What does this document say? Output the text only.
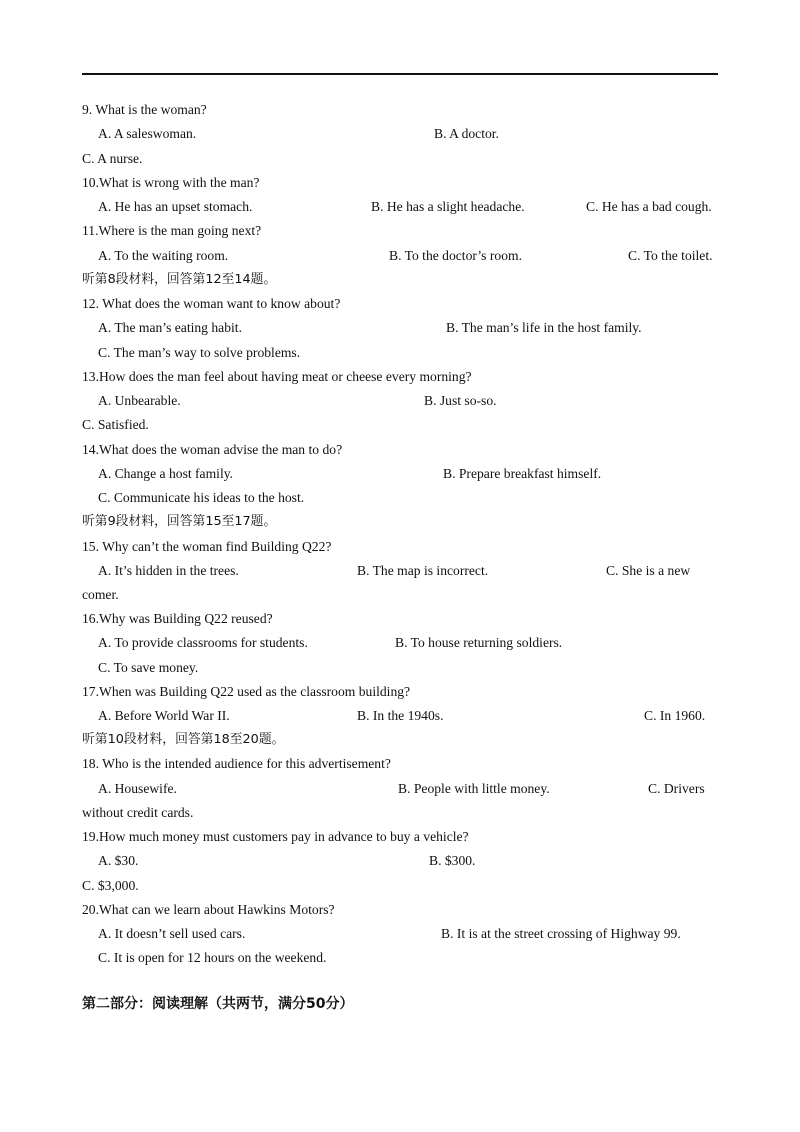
9. What is the woman?
A. A saleswoman.	B. A doctor.
C. A nurse.
10.What is wrong with the man?
A. He has an upset stomach.	B. He has a slight headache.	C. He has a bad cough.
11.Where is the man going next?
A. To the waiting room.	B. To the doctor’s room.	C. To the toilet.
听第8段材料，回答第12至14题。
12. What does the woman want to know about?
A. The man’s eating habit.	B. The man’s life in the host family.
C. The man’s way to solve problems.
13.How does the man feel about having meat or cheese every morning?
A. Unbearable.	B. Just so-so.
C. Satisfied.
14.What does the woman advise the man to do?
A. Change a host family.	B. Prepare breakfast himself.
C. Communicate his ideas to the host.
听第9段材料，回答第15至17题。
15. Why can’t the woman find Building Q22?
A. It’s hidden in the trees.	B. The map is incorrect.	C. She is a new
comer.
16.Why was Building Q22 reused?
A. To provide classrooms for students.	B. To house returning soldiers.
C. To save money.
17.When was Building Q22 used as the classroom building?
A. Before World War II.	B. In the 1940s.	C. In 1960.
听第10段材料，回答第18至20题。
18. Who is the intended audience for this advertisement?
A. Housewife.	B. People with little money.	C. Drivers
without credit cards.
19.How much money must customers pay in advance to buy a vehicle?
A. $30.	B. $300.
C. $3,000.
20.What can we learn about Hawkins Motors?
A. It doesn’t sell used cars.	B. It is at the street crossing of Highway 99.
C. It is open for 12 hours on the weekend.
第二部分：阅读理解（共两节，满分50分）
